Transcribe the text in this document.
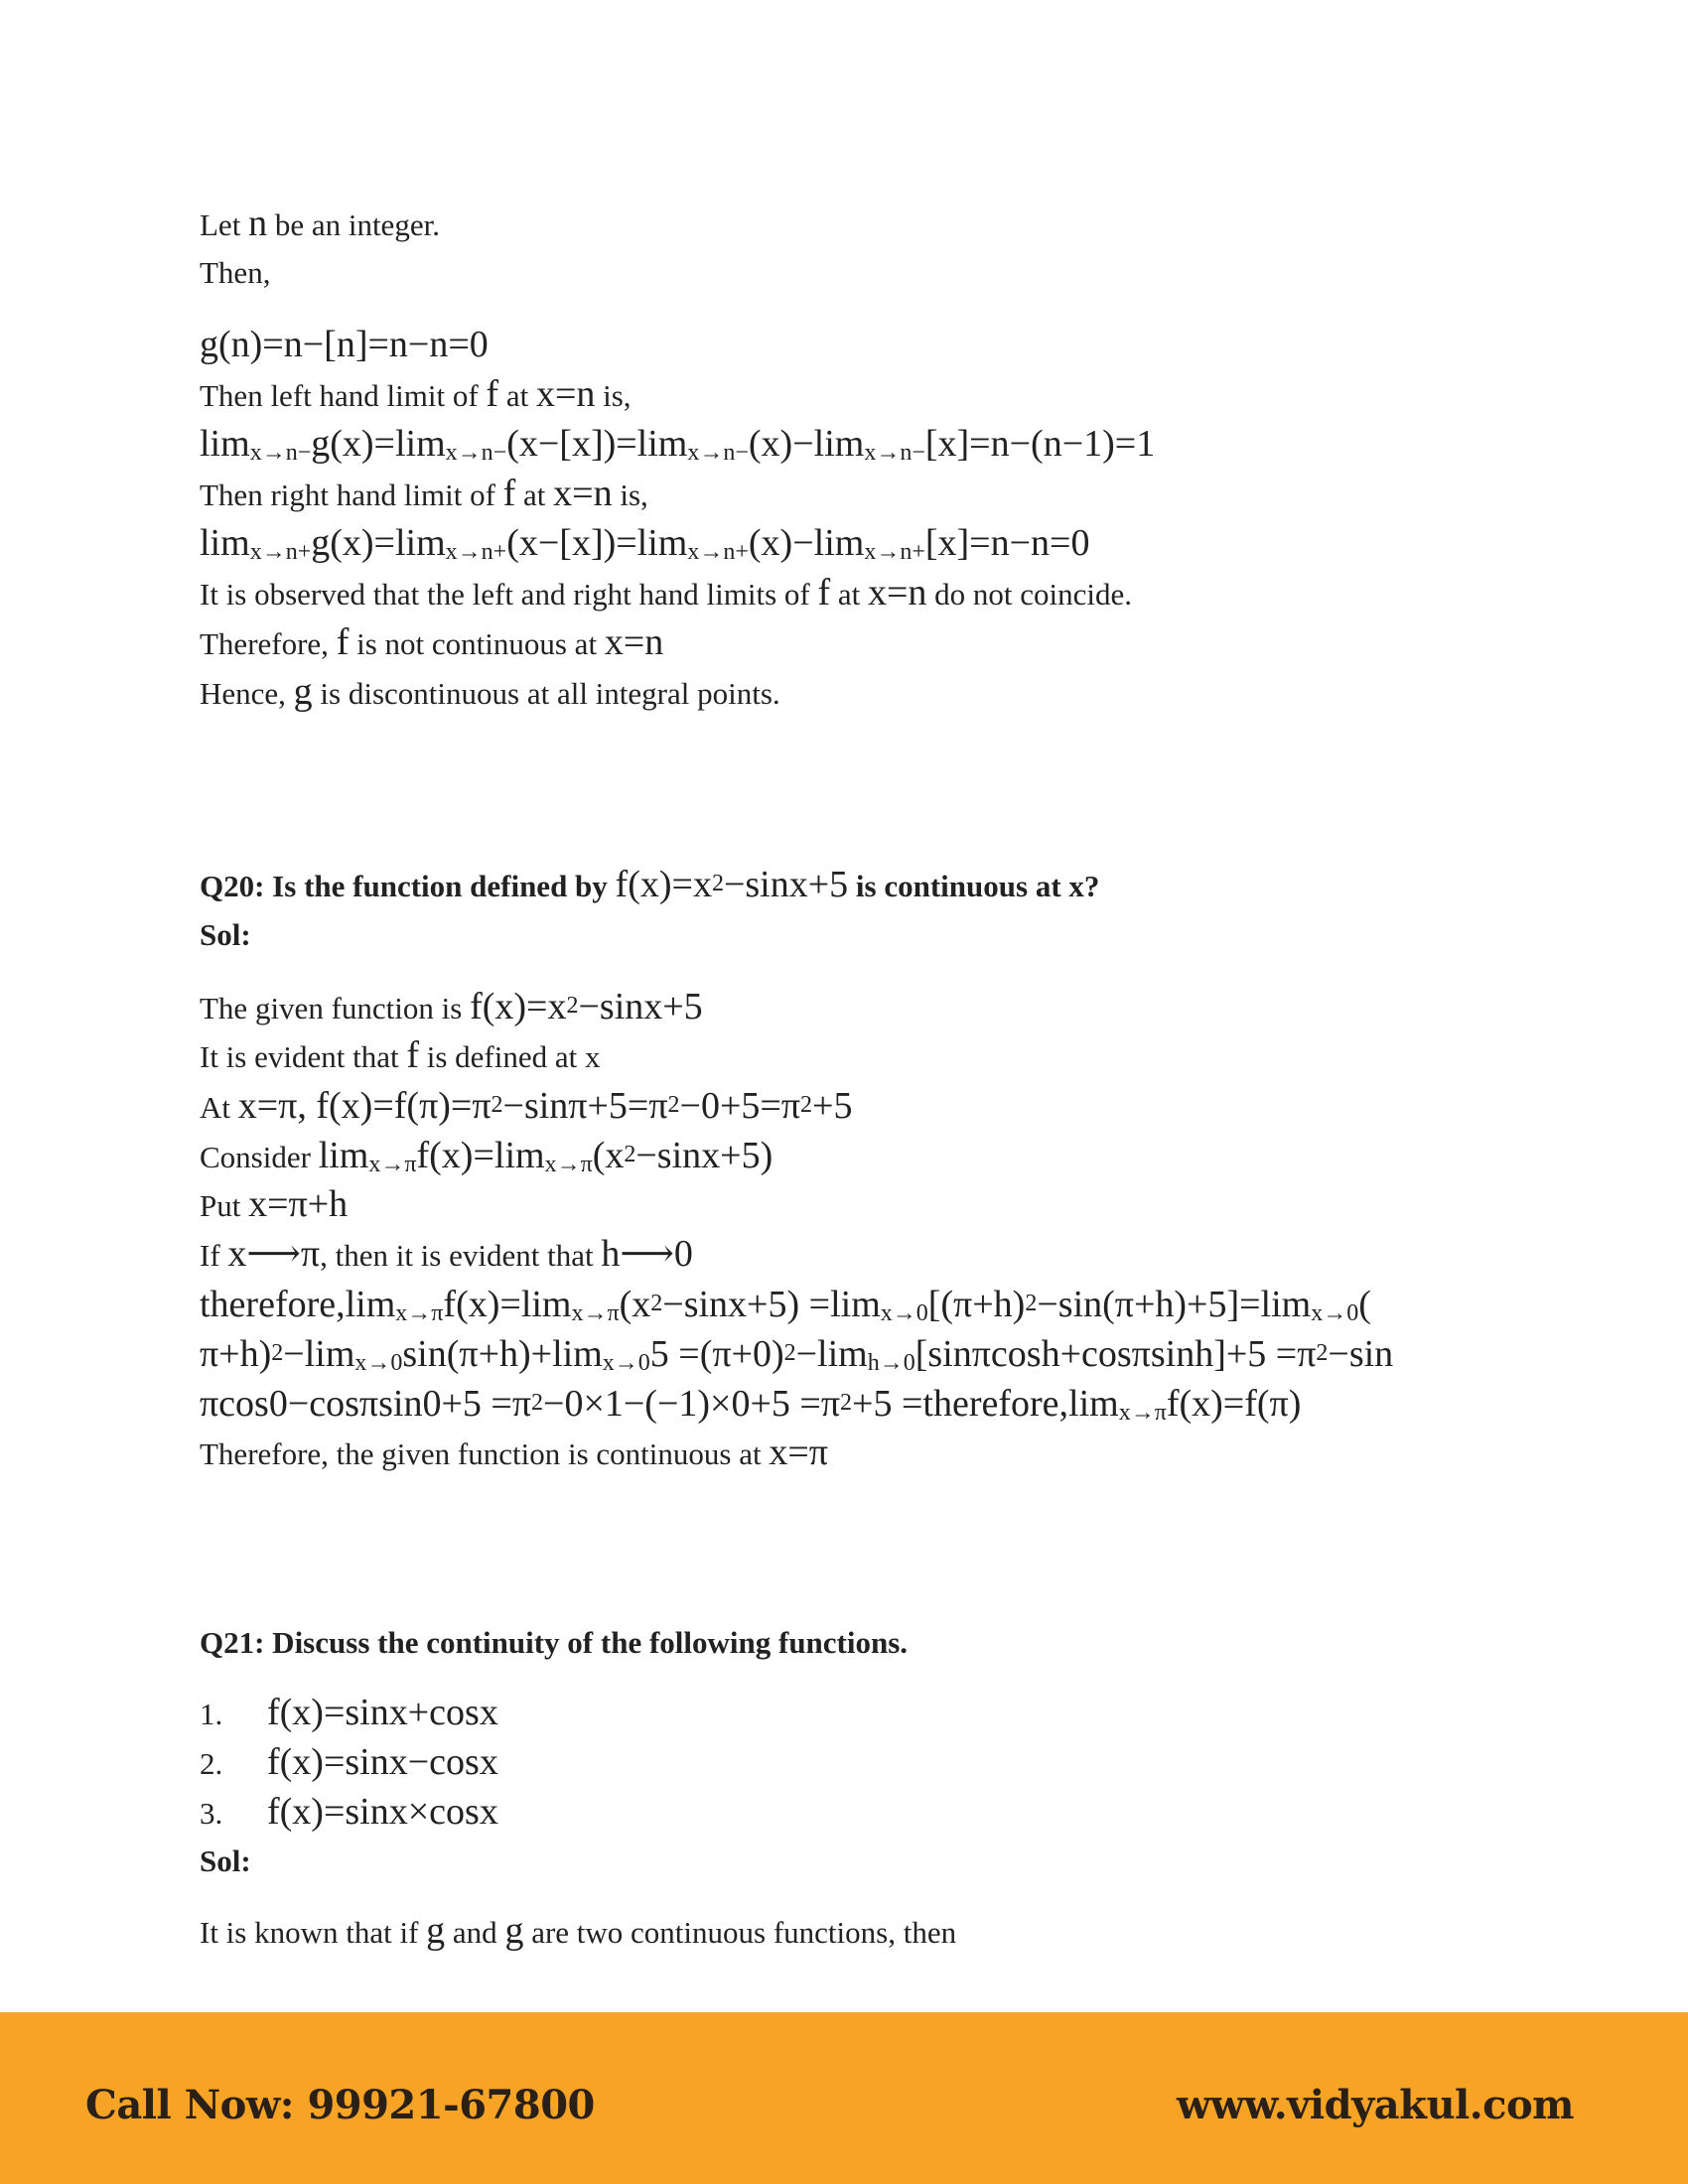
Let n be an integer.
Then,
g(n)=n−[n]=n−n=0
Then left hand limit of f at x=n is,
$\lim_{x\to n-}g(x)=\lim_{x\to n-}(x-[x])=\lim_{x\to n-}(x)-\lim_{x\to n-}[x]=n-(n-1)=1$
Then right hand limit of f at x=n is,
$\lim_{x\to n+}g(x)=\lim_{x\to n+}(x-[x])=\lim_{x\to n+}(x)-\lim_{x\to n+}[x]=n-n=0$
It is observed that the left and right hand limits of f at x=n do not coincide.
Therefore, f is not continuous at x=n
Hence, g is discontinuous at all integral points.
Q20: Is the function defined by $f(x)=x^2-\sin x+5$ is continuous at x?
Sol:
The given function is $f(x)=x^2-\sin x+5$
It is evident that f is defined at x
At x=π, $f(x)=f(\pi)=\pi^2-\sin\pi+5=\pi^2-0+5=\pi^2+5$
Consider $\lim_{x\to\pi}f(x)=\lim_{x\to\pi}(x^2-\sin x+5)$
Put x=π+h
If x⟶π, then it is evident that h⟶0
$therefore,\lim_{x\to\pi}f(x)=\lim_{x\to\pi}(x^2-\sin x+5) =\lim_{x\to 0}[(\pi+h)^2-\sin(\pi+h)+5]=\lim_{x\to 0}$(
$\pi+h)^2-\lim_{x\to 0}\sin(\pi+h)+\lim_{x\to 0}5 =(\pi+0)^2-\lim_{h\to 0}[\sin\pi\cosh+\cos\pi\sinh]+5 =\pi^2-\sin$
$\pi\cos 0-\cos\pi\sin 0+5 =\pi^2-0\times 1-(-1)\times 0+5 =\pi^2+5$ $=therefore,\lim_{x\to\pi}f(x)=f(\pi)$
Therefore, the given function is continuous at x=π
Q21: Discuss the continuity of the following functions.
1. f(x)=sinx+cosx
2. f(x)=sinx−cosx
3. f(x)=sinx×cosx
Sol:
It is known that if g and g are two continuous functions, then
Call Now: 99921-67800	www.vidyakul.com
